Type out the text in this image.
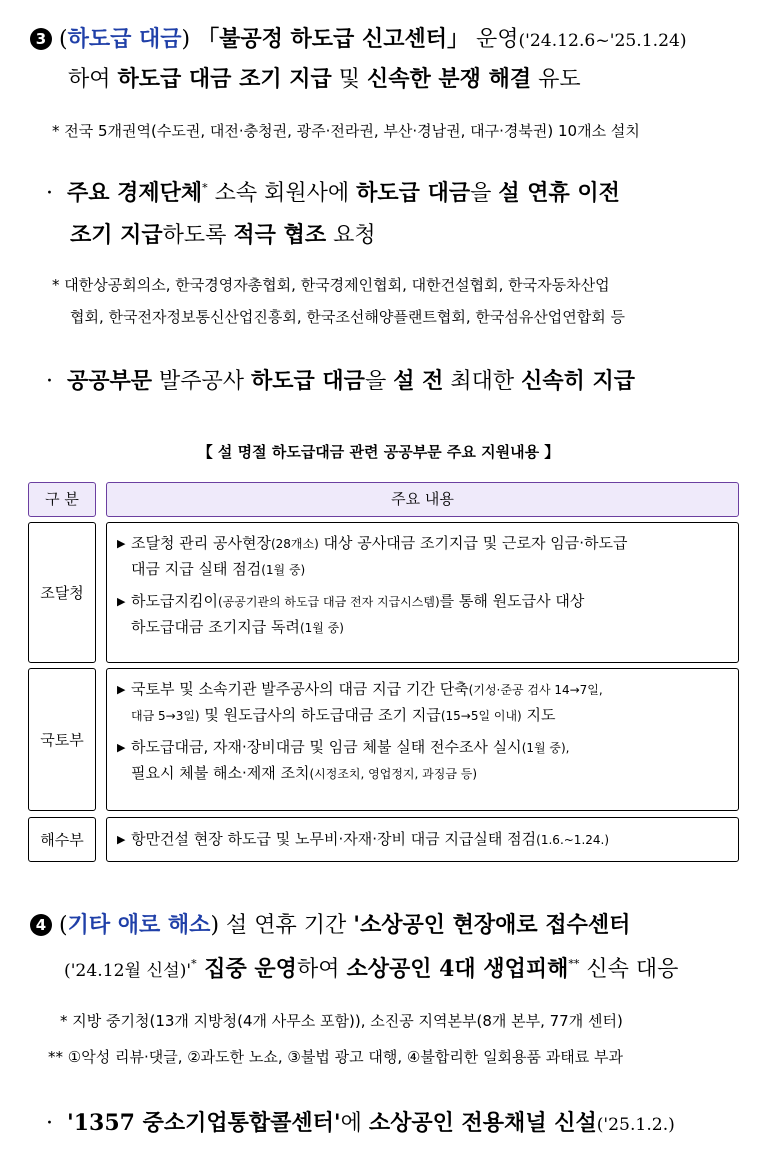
3 (하도급 대금) 「불공정 하도급 신고센터」 운영('24.12.6~'25.1.24)
하여 하도급 대금 조기 지급 및 신속한 분쟁 해결 유도
* 전국 5개권역(수도권, 대전·충청권, 광주·전라권, 부산·경남권, 대구·경북권) 10개소 설치
· 주요 경제단체* 소속 회원사에 하도급 대금을 설 연휴 이전
조기 지급하도록 적극 협조 요청
* 대한상공회의소, 한국경영자총협회, 한국경제인협회, 대한건설협회, 한국자동차산업
협회, 한국전자정보통신산업진흥회, 한국조선해양플랜트협회, 한국섬유산업연합회 등
· 공공부문 발주공사 하도급 대금을 설 전 최대한 신속히 지급
【 설 명절 하도급대금 관련 공공부문 주요 지원내용 】
구 분	주요 내용
조달청
▶ 조달청 관리 공사현장(28개소) 대상 공사대금 조기지급 및 근로자 임금·하도급
대금 지급 실태 점검(1월 중)
▶ 하도급지킴이(공공기관의 하도급 대금 전자 지급시스템)를 통해 원도급사 대상
하도급대금 조기지급 독려(1월 중)
국토부
▶ 국토부 및 소속기관 발주공사의 대금 지급 기간 단축(기성·준공 검사 14→7일,
대금 5→3일) 및 원도급사의 하도급대금 조기 지급(15→5일 이내) 지도
▶ 하도급대금, 자재·장비대금 및 임금 체불 실태 전수조사 실시(1월 중),
필요시 체불 해소·제재 조치(시정조치, 영업정지, 과징금 등)
해수부	▶ 항만건설 현장 하도급 및 노무비·자재·장비 대금 지급실태 점검(1.6.~1.24.)
4 (기타 애로 해소) 설 연휴 기간 '소상공인 현장애로 접수센터
('24.12월 신설)'* 집중 운영하여 소상공인 4대 생업피해** 신속 대응
* 지방 중기청(13개 지방청(4개 사무소 포함)), 소진공 지역본부(8개 본부, 77개 센터)
** ①악성 리뷰·댓글, ②과도한 노쇼, ③불법 광고 대행, ④불합리한 일회용품 과태료 부과
· '1357 중소기업통합콜센터'에 소상공인 전용채널 신설('25.1.2.)
